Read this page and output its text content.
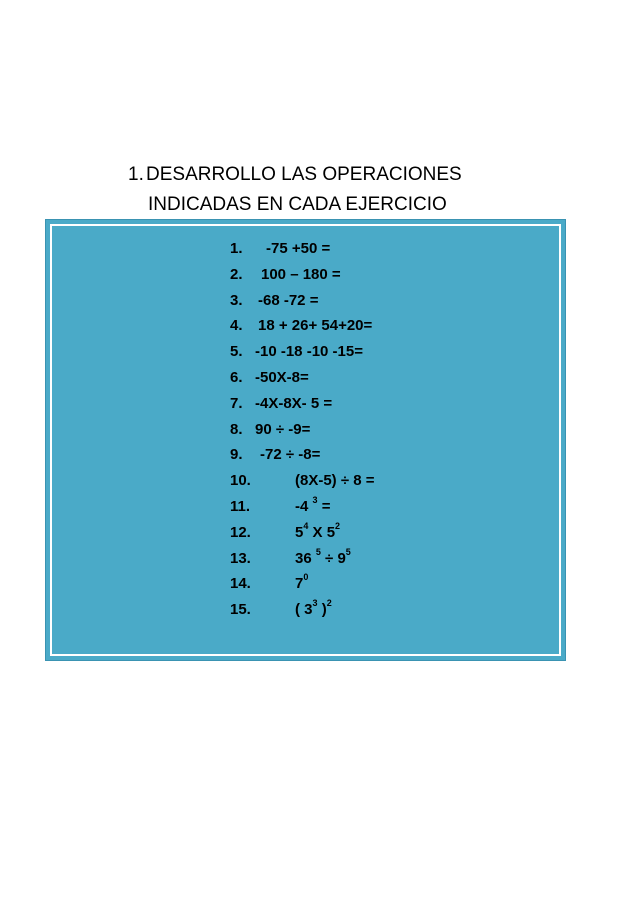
1. DESARROLLO LAS OPERACIONES
INDICADAS EN CADA EJERCICIO
1. -75 +50 =
2. 100 – 180 =
3. -68 -72 =
4. 18 + 26+ 54+20=
5. -10 -18 -10 -15=
6. -50X-8=
7. -4X-8X- 5 =
8. 90 ÷ -9=
9. -72 ÷ -8=
10.	(8X-5) ÷ 8 =
11.	-4 $^3$ =
12.	$5^4$ X $5^2$
13.	36 $^5 \div 9^5$
14.	$7^0$
15.	( $3^3$ )$^2$
